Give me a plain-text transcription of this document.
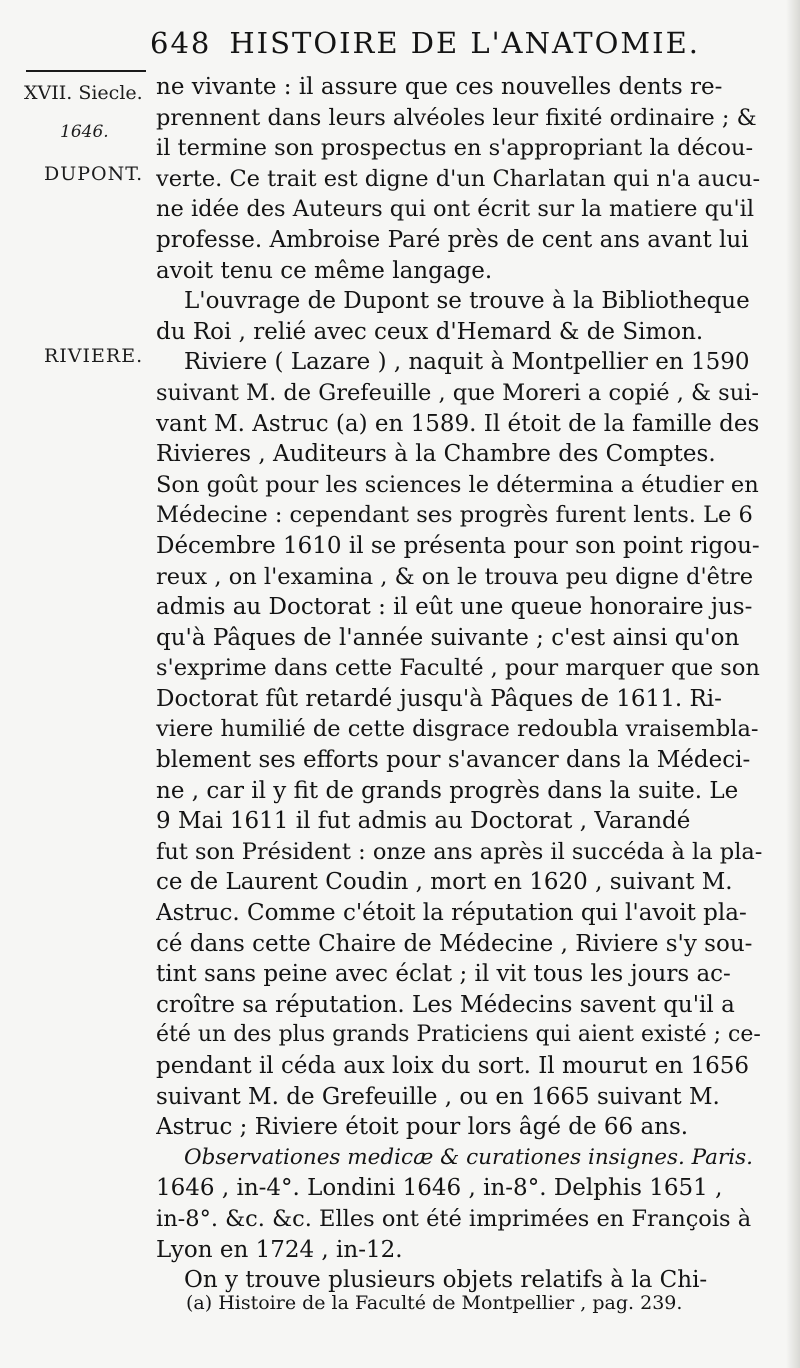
648 HISTOIRE DE L'ANATOMIE.
XVII. Siecle.
1646.
DUPONT.
RIVIERE.
ne vivante : il assure que ces nouvelles dents re-
prennent dans leurs alvéoles leur fixité ordinaire ; &
il termine son prospectus en s'appropriant la décou-
verte. Ce trait est digne d'un Charlatan qui n'a aucu-
ne idée des Auteurs qui ont écrit sur la matiere qu'il
professe. Ambroise Paré près de cent ans avant lui
avoit tenu ce même langage.
L'ouvrage de Dupont se trouve à la Bibliotheque
du Roi , relié avec ceux d'Hemard & de Simon.
Riviere ( Lazare ) , naquit à Montpellier en 1590
suivant M. de Grefeuille , que Moreri a copié , & sui-
vant M. Astruc (a) en 1589. Il étoit de la famille des
Rivieres , Auditeurs à la Chambre des Comptes.
Son goût pour les sciences le détermina a étudier en
Médecine : cependant ses progrès furent lents. Le 6
Décembre 1610 il se présenta pour son point rigou-
reux , on l'examina , & on le trouva peu digne d'être
admis au Doctorat : il eût une queue honoraire jus-
qu'à Pâques de l'année suivante ; c'est ainsi qu'on
s'exprime dans cette Faculté , pour marquer que son
Doctorat fût retardé jusqu'à Pâques de 1611. Ri-
viere humilié de cette disgrace redoubla vraisembla-
blement ses efforts pour s'avancer dans la Médeci-
ne , car il y fit de grands progrès dans la suite. Le
9 Mai 1611 il fut admis au Doctorat , Varandé
fut son Président : onze ans après il succéda à la pla-
ce de Laurent Coudin , mort en 1620 , suivant M.
Astruc. Comme c'étoit la réputation qui l'avoit pla-
cé dans cette Chaire de Médecine , Riviere s'y sou-
tint sans peine avec éclat ; il vit tous les jours ac-
croître sa réputation. Les Médecins savent qu'il a
été un des plus grands Praticiens qui aient existé ; ce-
pendant il céda aux loix du sort. Il mourut en 1656
suivant M. de Grefeuille , ou en 1665 suivant M.
Astruc ; Riviere étoit pour lors âgé de 66 ans.
Observationes medicæ & curationes insignes. Paris.
1646 , in-4°. Londini 1646 , in-8°. Delphis 1651 ,
in-8°. &c. &c. Elles ont été imprimées en François à
Lyon en 1724 , in-12.
On y trouve plusieurs objets relatifs à la Chi-
(a) Histoire de la Faculté de Montpellier , pag. 239.
